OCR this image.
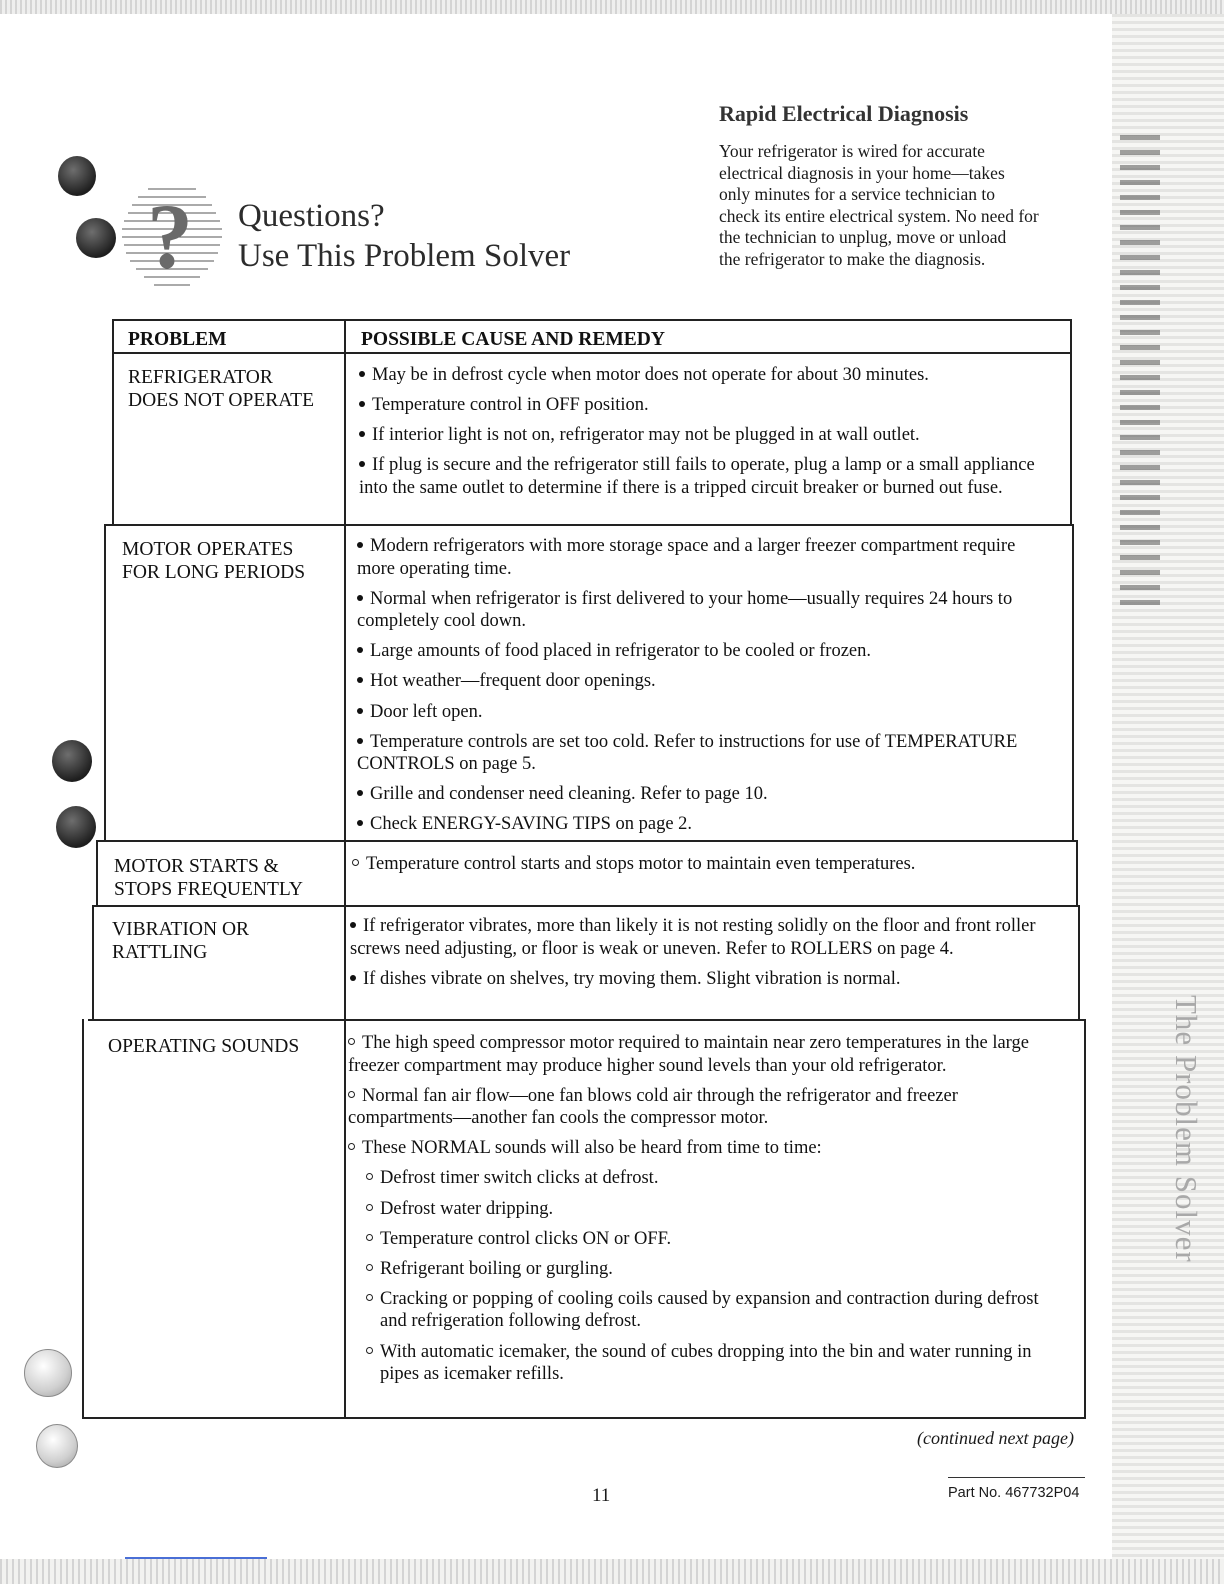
The Problem Solver
? Questions?
Use This Problem Solver
Rapid Electrical Diagnosis
Your refrigerator is wired for accurate
electrical diagnosis in your home—takes
only minutes for a service technician to
check its entire electrical system. No need for
the technician to unplug, move or unload
the refrigerator to make the diagnosis.
PROBLEM	POSSIBLE CAUSE AND REMEDY
REFRIGERATOR
DOES NOT OPERATE
May be in defrost cycle when motor does not operate for about 30 minutes.
Temperature control in OFF position.
If interior light is not on, refrigerator may not be plugged in at wall outlet.
If plug is secure and the refrigerator still fails to operate, plug a lamp or a small appliance into the same outlet to determine if there is a tripped circuit breaker or burned out fuse.
MOTOR OPERATES
FOR LONG PERIODS
Modern refrigerators with more storage space and a larger freezer compartment require more operating time.
Normal when refrigerator is first delivered to your home—usually requires 24 hours to completely cool down.
Large amounts of food placed in refrigerator to be cooled or frozen.
Hot weather—frequent door openings.
Door left open.
Temperature controls are set too cold. Refer to instructions for use of TEMPERATURE CONTROLS on page 5.
Grille and condenser need cleaning. Refer to page 10.
Check ENERGY-SAVING TIPS on page 2.
MOTOR STARTS &
STOPS FREQUENTLY
Temperature control starts and stops motor to maintain even temperatures.
VIBRATION OR
RATTLING
If refrigerator vibrates, more than likely it is not resting solidly on the floor and front roller screws need adjusting, or floor is weak or uneven. Refer to ROLLERS on page 4.
If dishes vibrate on shelves, try moving them. Slight vibration is normal.
OPERATING SOUNDS	The high speed compressor motor required to maintain near zero temperatures in the large freezer compartment may produce higher sound levels than your old refrigerator.
Normal fan air flow—one fan blows cold air through the refrigerator and freezer compartments—another fan cools the compressor motor.
These NORMAL sounds will also be heard from time to time:
Defrost timer switch clicks at defrost.
Defrost water dripping.
Temperature control clicks ON or OFF.
Refrigerant boiling or gurgling.
Cracking or popping of cooling coils caused by expansion and contraction during defrost and refrigeration following defrost.
With automatic icemaker, the sound of cubes dropping into the bin and water running in pipes as icemaker refills.
(continued next page)
11	Part No. 467732P04
